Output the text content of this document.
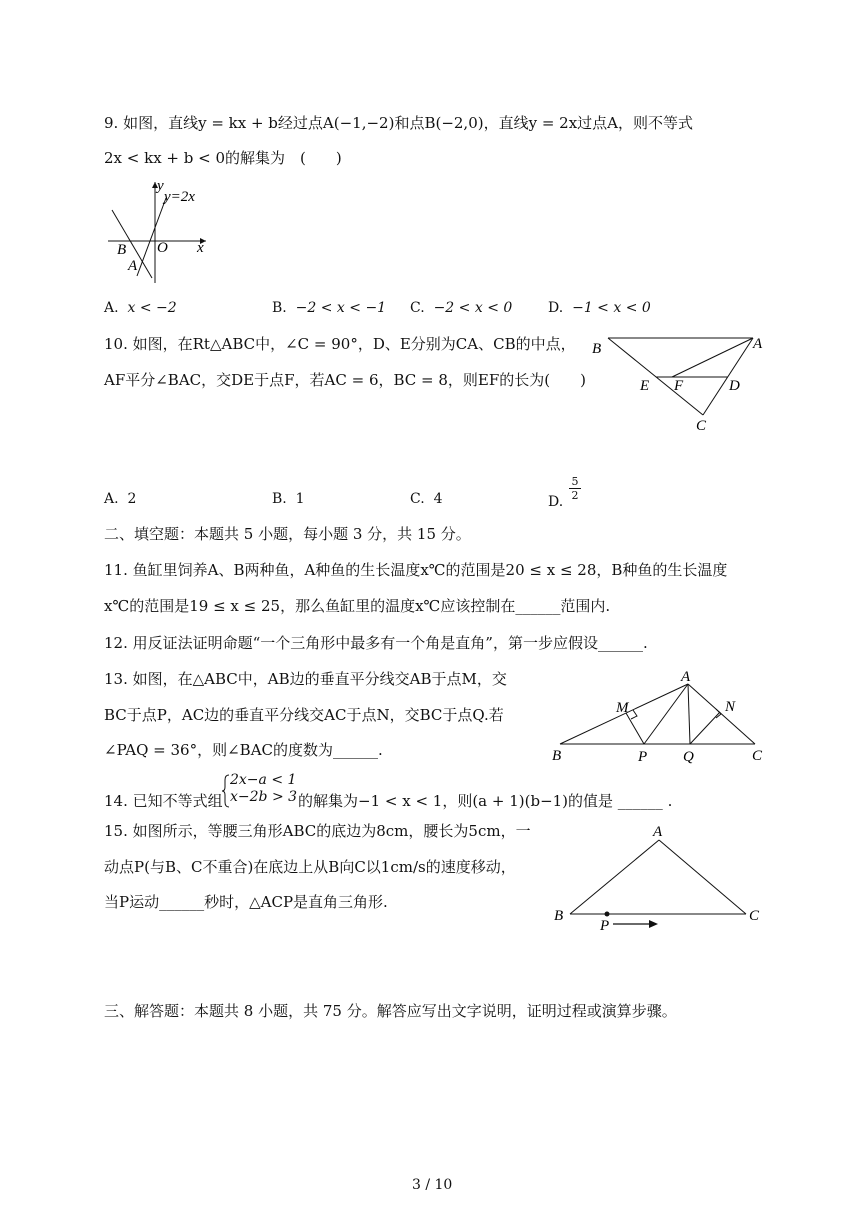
9. 如图，直线y = kx + b经过点A(−1,−2)和点B(−2,0)，直线y = 2x过点A，则不等式
2x < kx + b < 0的解集为　(　　)
y
y=2x
B O x
A
A. x < −2	B. −2 < x < −1 C. −2 < x < 0	D. −1 < x < 0
10. 如图，在Rt△ABC中，∠C = 90°，D、E分别为CA、CB的中点，
AF平分∠BAC，交DE于点F，若AC = 6，BC = 8，则EF的长为(　　)
B	A
E F	D
C
A. 2	B. 1	C. 4	D.
5
2
二、填空题：本题共 5 小题，每小题 3 分，共 15 分。
11. 鱼缸里饲养A、B两种鱼，A种鱼的生长温度x℃的范围是20 ≤ x ≤ 28，B种鱼的生长温度
x℃的范围是19 ≤ x ≤ 25，那么鱼缸里的温度x℃应该控制在______范围内.
12. 用反证法证明命题“一个三角形中最多有一个角是直角”，第一步应假设______.
13. 如图，在△ABC中，AB边的垂直平分线交AB于点M，交
BC于点P，AC边的垂直平分线交AC于点N，交BC于点Q.若
∠PAQ = 36°，则∠BAC的度数为______.
A
M	N
B	P Q	C
14. 已知不等式组
2x−a < 1
x−2b > 3 的解集为−1 < x < 1，则(a + 1)(b−1)的值是 ______ .
15. 如图所示，等腰三角形ABC的底边为8cm，腰长为5cm，一
动点P(与B、C不重合)在底边上从B向C以1cm/s的速度移动，
当P运动______秒时，△ACP是直角三角形.
A
B	C
P
三、解答题：本题共 8 小题，共 75 分。解答应写出文字说明，证明过程或演算步骤。
3 / 10
